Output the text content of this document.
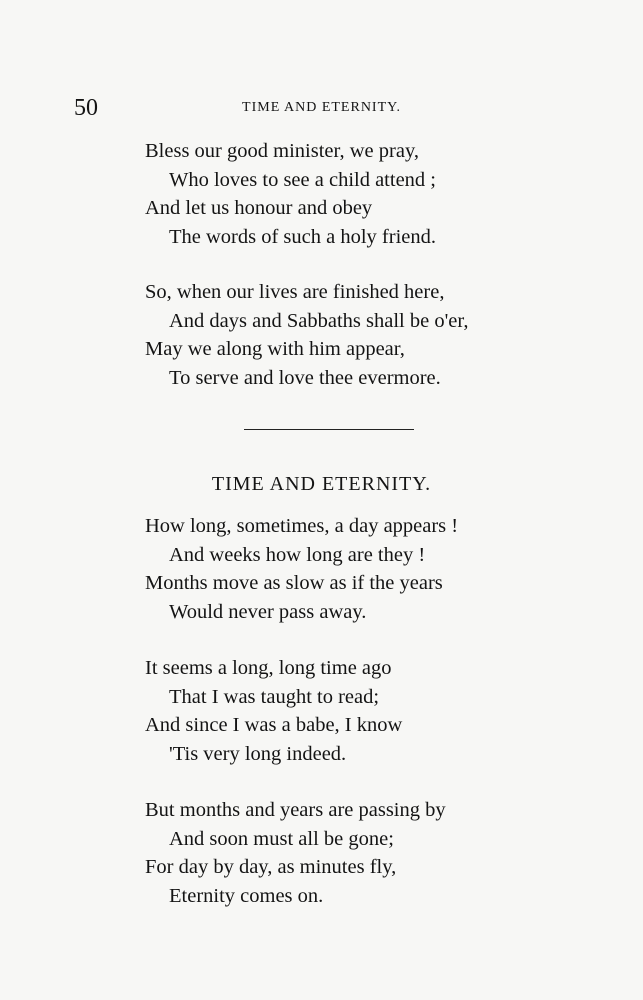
50	TIME AND ETERNITY.
Bless our good minister, we pray,
Who loves to see a child attend ;
And let us honour and obey
The words of such a holy friend.
So, when our lives are finished here,
And days and Sabbaths shall be o'er,
May we along with him appear,
To serve and love thee evermore.
TIME AND ETERNITY.
How long, sometimes, a day appears !
And weeks how long are they !
Months move as slow as if the years
Would never pass away.
It seems a long, long time ago
That I was taught to read;
And since I was a babe, I know
'Tis very long indeed.
But months and years are passing by
And soon must all be gone;
For day by day, as minutes fly,
Eternity comes on.
